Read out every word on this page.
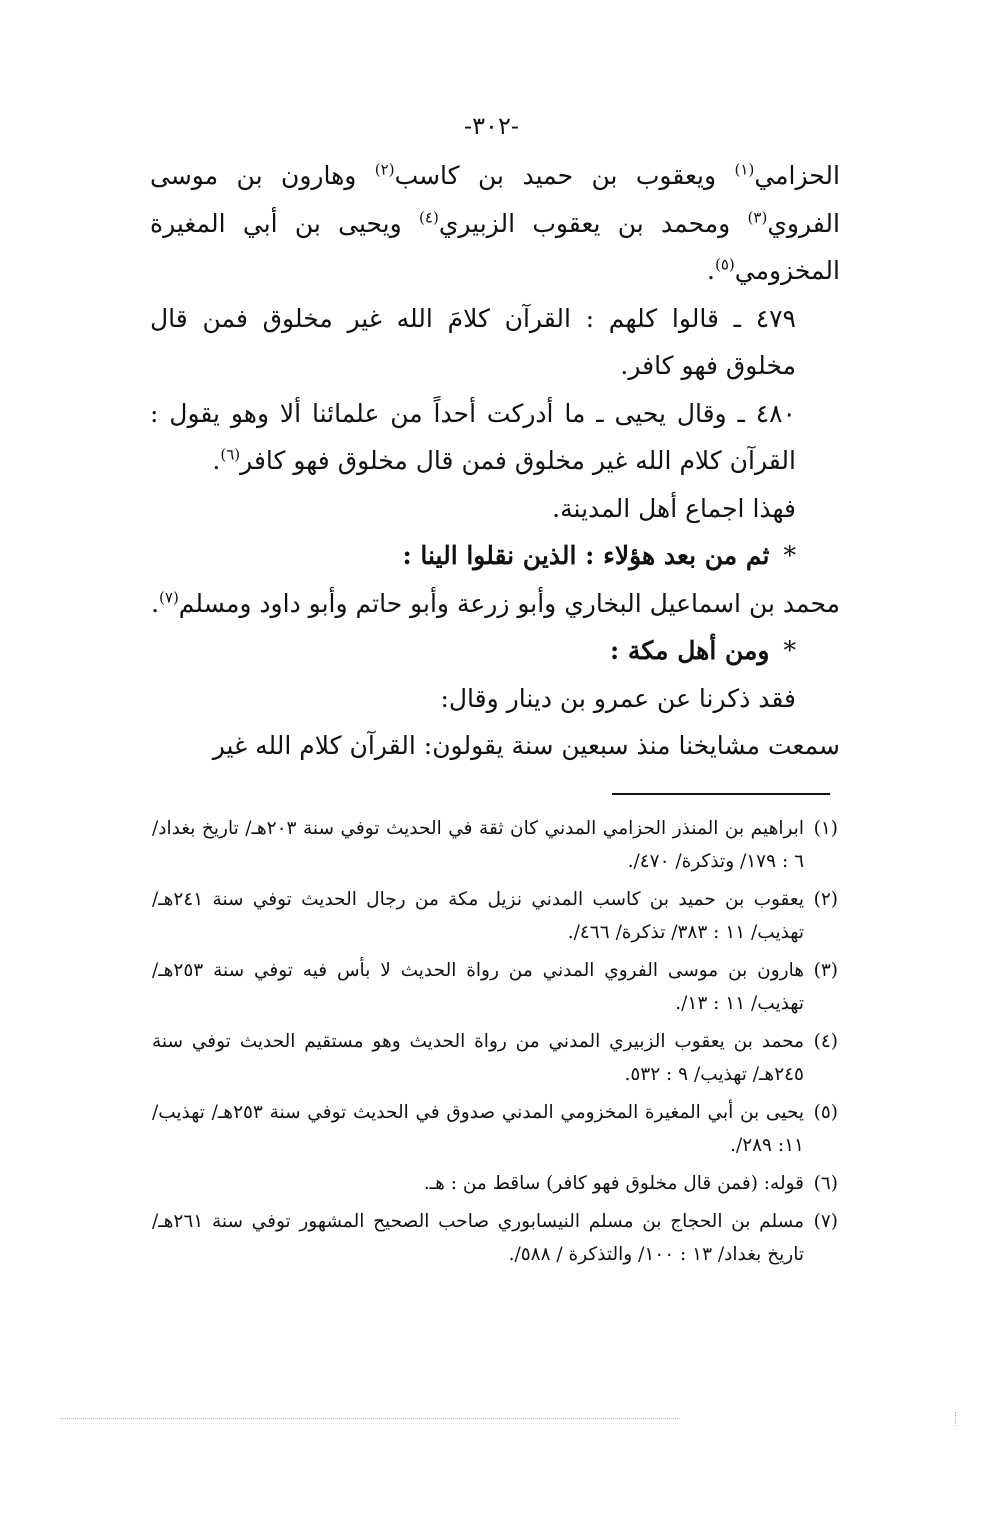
-٣٠٢-

الحزامي$^{(١)}$ ويعقوب بن حميد بن كاسب$^{(٢)}$ وهارون بن موسى الفروي$^{(٣)}$ ومحمد بن يعقوب الزبيري$^{(٤)}$ ويحيى بن أبي المغيرة المخزومي$^{(٥)}$.

٤٧٩ ـ قالوا كلهم : القرآن كلامَ الله غير مخلوق فمن قال مخلوق فهو كافر.

٤٨٠ ـ وقال يحيى ـ ما أدركت أحداً من علمائنا ألا وهو يقول : القرآن كلام الله غير مخلوق فمن قال مخلوق فهو كافر$^{(٦)}$.

فهذا اجماع أهل المدينة.

*ثم من بعد هؤلاء : الذين نقلوا الينا :

محمد بن اسماعيل البخاري وأبو زرعة وأبو حاتم وأبو داود ومسلم$^{(٧)}$.

*ومن أهل مكة :

فقد ذكرنا عن عمرو بن دينار وقال:

سمعت مشايخنا منذ سبعين سنة يقولون: القرآن كلام الله غير

(١)
ابراهيم بن المنذر الحزامي المدني كان ثقة في الحديث توفي سنة ٢٠٣هـ/ تاريخ بغداد/ ٦ : ١٧٩/ وتذكرة/ ٤٧٠/.
(٢)
يعقوب بن حميد بن كاسب المدني نزيل مكة من رجال الحديث توفي سنة ٢٤١هـ/ تهذيب/ ١١ : ٣٨٣/ تذكرة/ ٤٦٦/.
(٣)
هارون بن موسى الفروي المدني من رواة الحديث لا بأس فيه توفي سنة ٢٥٣هـ/ تهذيب/ ١١ : ١٣/.
(٤)
محمد بن يعقوب الزبيري المدني من رواة الحديث وهو مستقيم الحديث توفي سنة ٢٤٥هـ/ تهذيب/ ٩ : ٥٣٢.
(٥)
يحيى بن أبي المغيرة المخزومي المدني صدوق في الحديث توفي سنة ٢٥٣هـ/ تهذيب/ ١١: ٢٨٩/.
(٦)
قوله: (فمن قال مخلوق فهو كافر) ساقط من : هـ.
(٧)
مسلم بن الحجاج بن مسلم النيسابوري صاحب الصحيح المشهور توفي سنة ٢٦١هـ/ تاريخ بغداد/ ١٣ : ١٠٠/ والتذكرة / ٥٨٨/.
